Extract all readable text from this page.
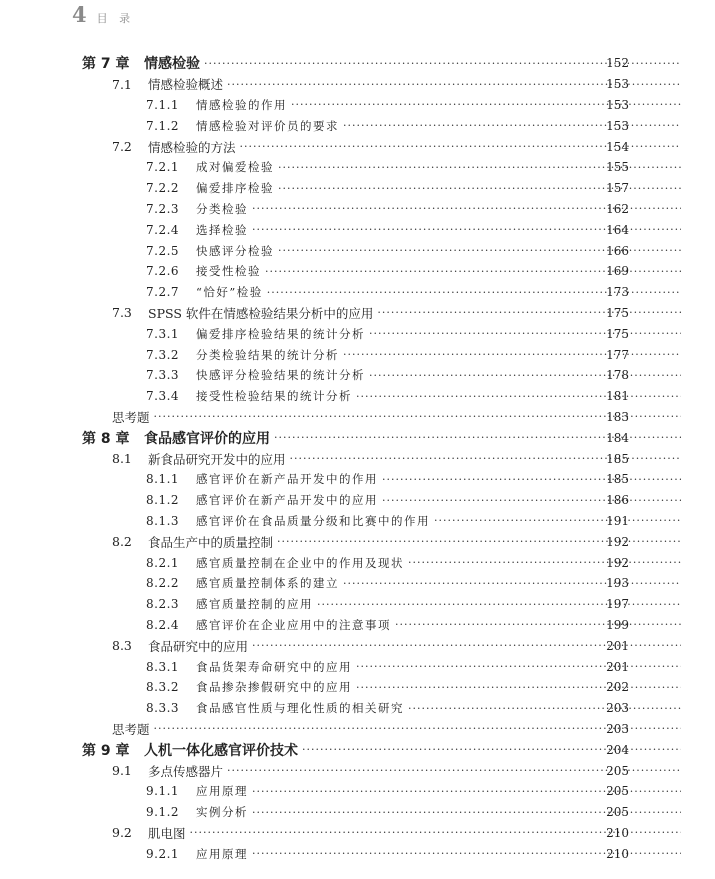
4 目 录
第 7 章	情感检验 ·····	152
7.1	情感检验概述 ·····	153
7.1.1	情感检验的作用 ·····	153
7.1.2	情感检验对评价员的要求 ·····	153
7.2	情感检验的方法 ·····	154
7.2.1	成对偏爱检验 ·····	155
7.2.2	偏爱排序检验 ·····	157
7.2.3	分类检验 ·····	162
7.2.4	选择检验 ·····	164
7.2.5	快感评分检验 ·····	166
7.2.6	接受性检验 ·····	169
7.2.7	“恰好”检验 ·····	173
7.3	SPSS 软件在情感检验结果分析中的应用 ·····	175
7.3.1	偏爱排序检验结果的统计分析 ·····	175
7.3.2	分类检验结果的统计分析 ·····	177
7.3.3	快感评分检验结果的统计分析 ·····	178
7.3.4	接受性检验结果的统计分析 ·····	181
思考题 ·····	183
第 8 章	食品感官评价的应用 ·····	184
8.1	新食品研究开发中的应用 ·····	185
8.1.1	感官评价在新产品开发中的作用 ·····	185
8.1.2	感官评价在新产品开发中的应用 ·····	186
8.1.3	感官评价在食品质量分级和比赛中的作用 ·····	191
8.2	食品生产中的质量控制 ·····	192
8.2.1	感官质量控制在企业中的作用及现状 ·····	192
8.2.2	感官质量控制体系的建立 ·····	193
8.2.3	感官质量控制的应用 ·····	197
8.2.4	感官评价在企业应用中的注意事项 ·····	199
8.3	食品研究中的应用 ·····	201
8.3.1	食品货架寿命研究中的应用 ·····	201
8.3.2	食品掺杂掺假研究中的应用 ·····	202
8.3.3	食品感官性质与理化性质的相关研究 ·····	203
思考题 ·····	203
第 9 章	人机一体化感官评价技术 ·····	204
9.1	多点传感器片 ·····	205
9.1.1	应用原理 ·····	205
9.1.2	实例分析 ·····	205
9.2	肌电图 ·····	210
9.2.1	应用原理 ·····	210
